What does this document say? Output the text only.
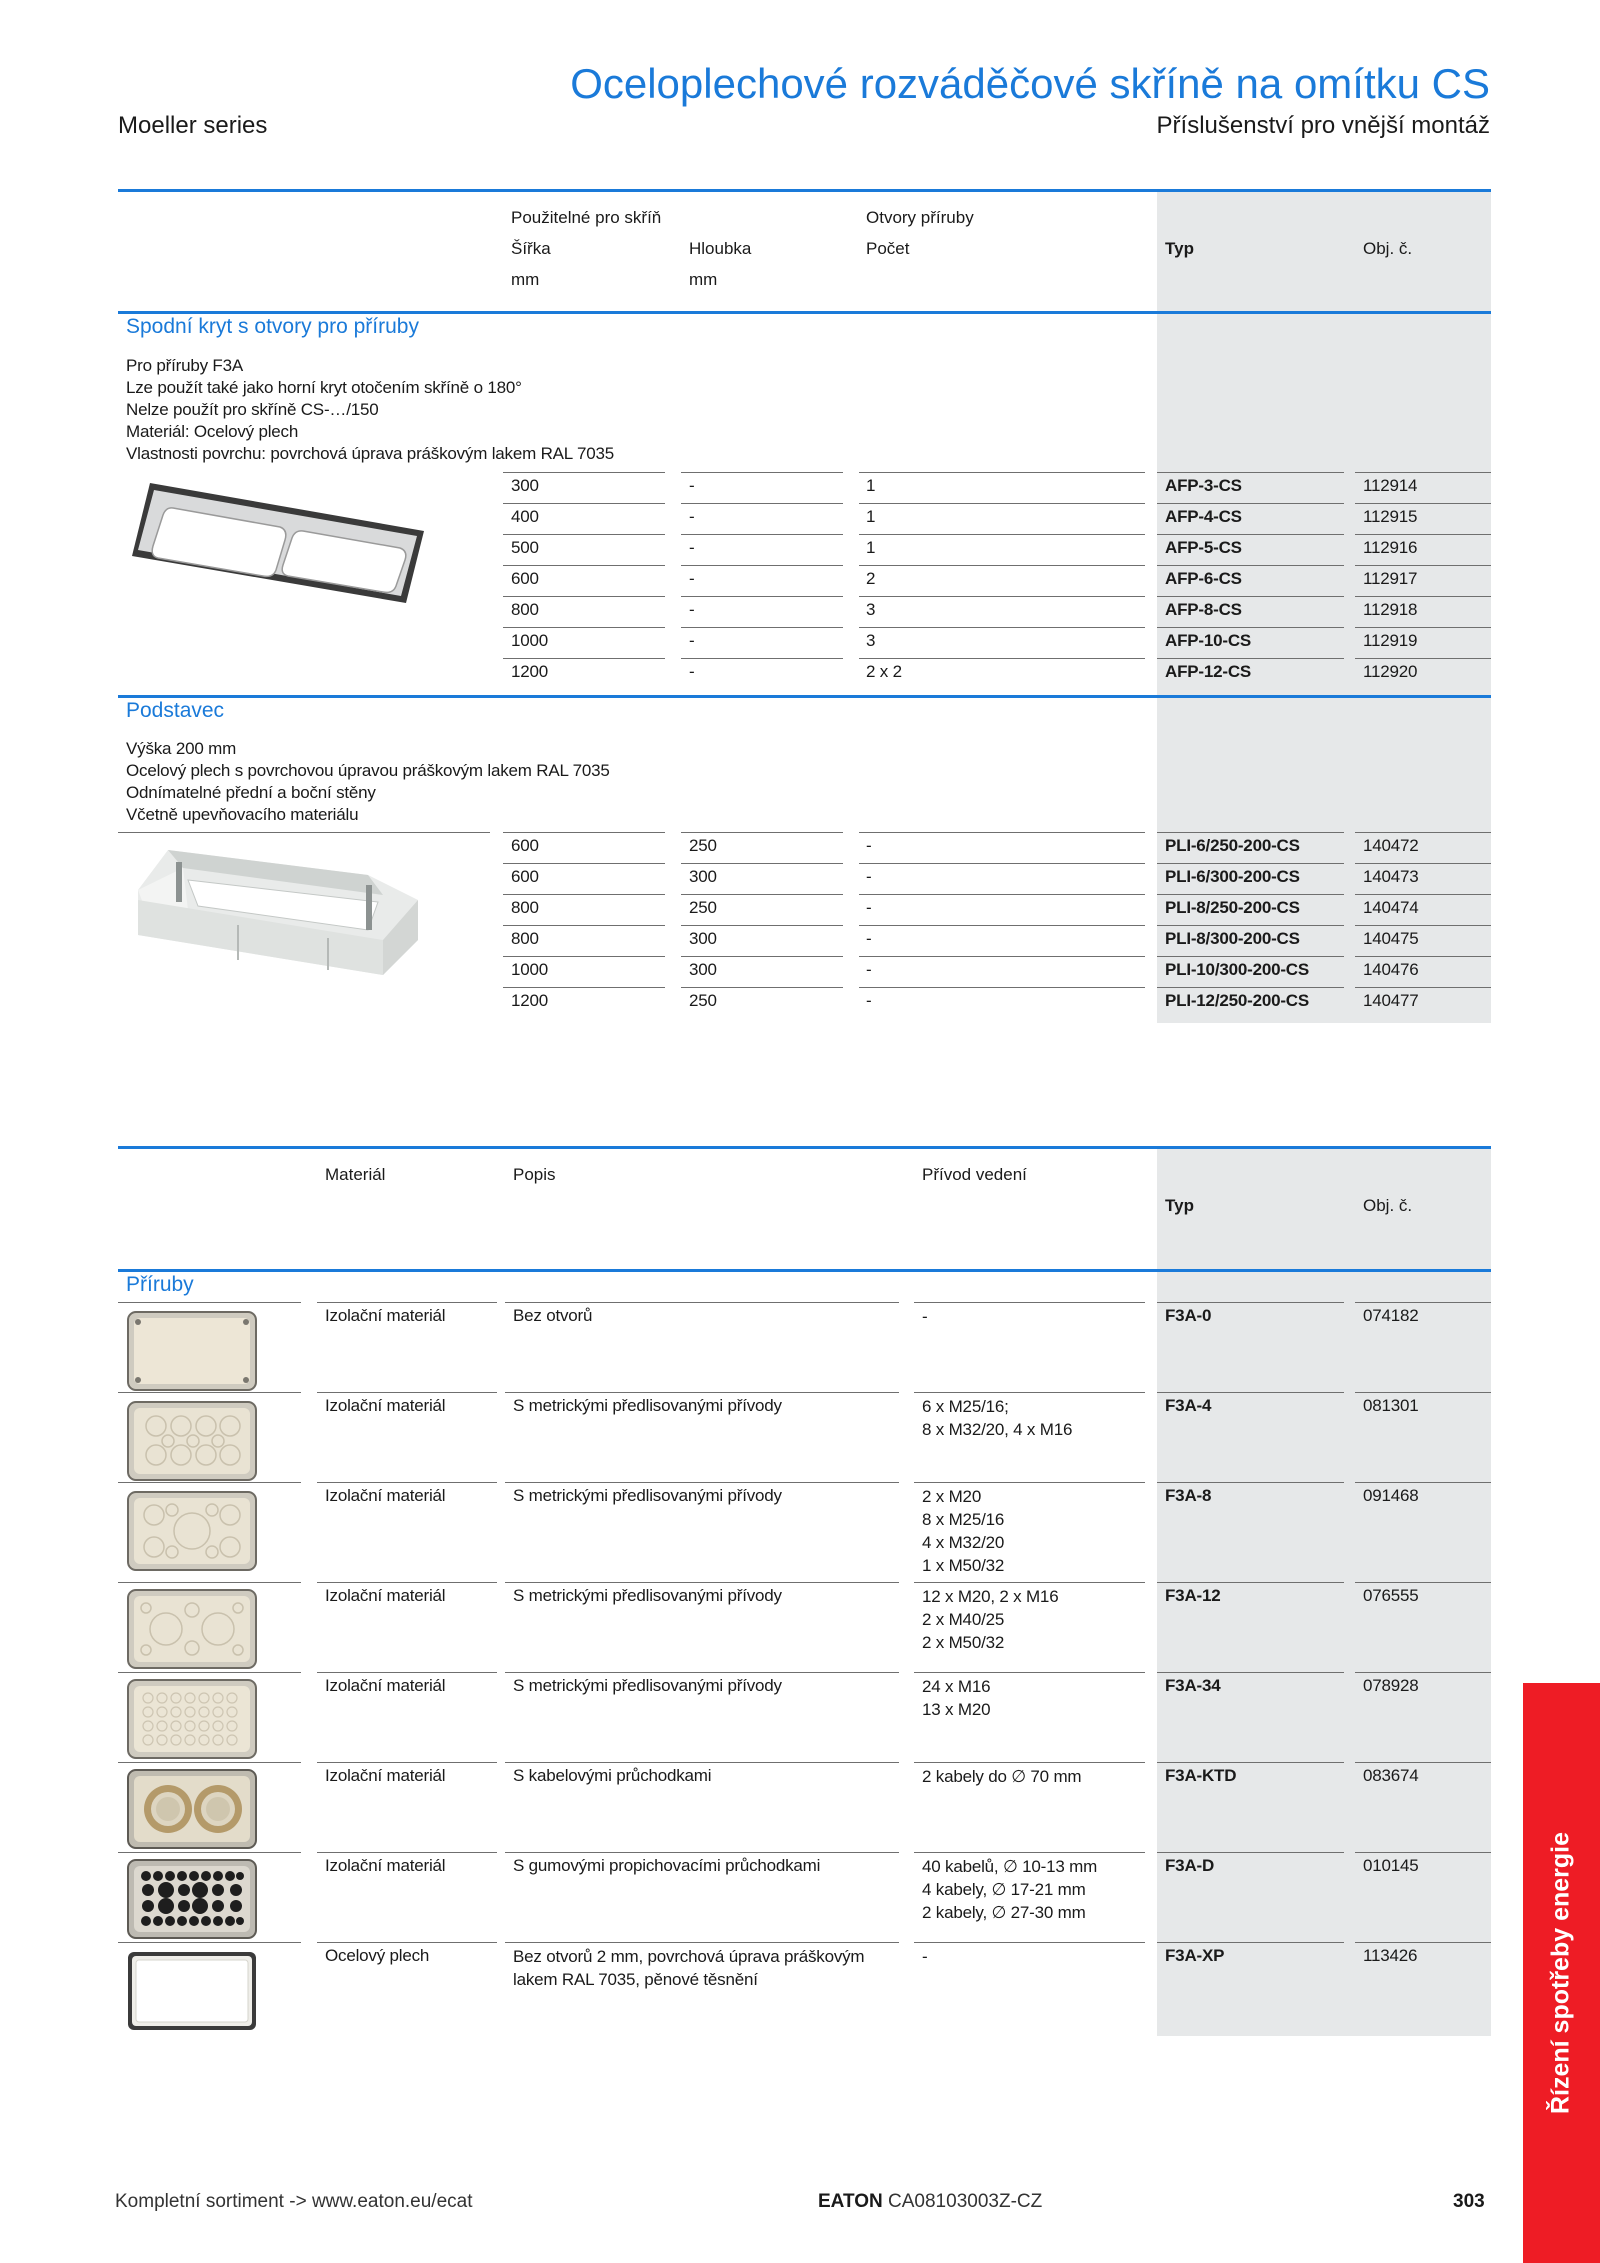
Oceloplechové rozváděčové skříně na omítku CS
Moeller series	Příslušenství pro vnější montáž
Použitelné pro skříň
Šířka	Hloubka
mm	mm
Otvory příruby
Počet	Typ	Obj. č.
Spodní kryt s otvory pro příruby
Pro příruby F3A
Lze použít také jako horní kryt otočením skříně o 180°
Nelze použít pro skříně CS-…/150
Materiál: Ocelový plech
Vlastnosti povrchu: povrchová úprava práškovým lakem RAL 7035
300	-	1	AFP-3-CS	112914
400	-	1	AFP-4-CS	112915
500	-	1	AFP-5-CS	112916
600	-	2	AFP-6-CS	112917
800	-	3	AFP-8-CS	112918
1000	-	3	AFP-10-CS	112919
1200	-	2 x 2	AFP-12-CS	112920
Podstavec
Výška 200 mm
Ocelový plech s povrchovou úpravou práškovým lakem RAL 7035
Odnímatelné přední a boční stěny
Včetně upevňovacího materiálu
600	250	-	PLI-6/250-200-CS	140472
600	300	-	PLI-6/300-200-CS	140473
800	250	-	PLI-8/250-200-CS	140474
800	300	-	PLI-8/300-200-CS	140475
1000	300	-	PLI-10/300-200-CS	140476
1200	250	-	PLI-12/250-200-CS	140477
Materiál	Popis	Přívod vedení
Typ	Obj. č.
Příruby
Izolační materiál	Bez otvorů	-	F3A-0	074182
Izolační materiál	S metrickými předlisovanými přívody	6 x M25/16;
8 x M32/20, 4 x M16
F3A-4	081301
Izolační materiál	S metrickými předlisovanými přívody	2 x M20
8 x M25/16
4 x M32/20
1 x M50/32
F3A-8	091468
Izolační materiál	S metrickými předlisovanými přívody	12 x M20, 2 x M16
2 x M40/25
2 x M50/32
F3A-12	076555
Izolační materiál	S metrickými předlisovanými přívody	24 x M16
13 x M20
F3A-34	078928
Izolační materiál	S kabelovými průchodkami	2 kabely do ∅ 70 mm	F3A-KTD	083674
Izolační materiál	S gumovými propichovacími průchodkami	40 kabelů, ∅ 10-13 mm
4 kabely, ∅ 17-21 mm
2 kabely, ∅ 27-30 mm
F3A-D	010145
Ocelový plech	Bez otvorů 2 mm, povrchová úprava práškovým
lakem RAL 7035, pěnové těsnění
-	F3A-XP	113426	Řízení spotřeby energie
Kompletní sortiment -> www.eaton.eu/ecat	EATON CA08103003Z-CZ	303
